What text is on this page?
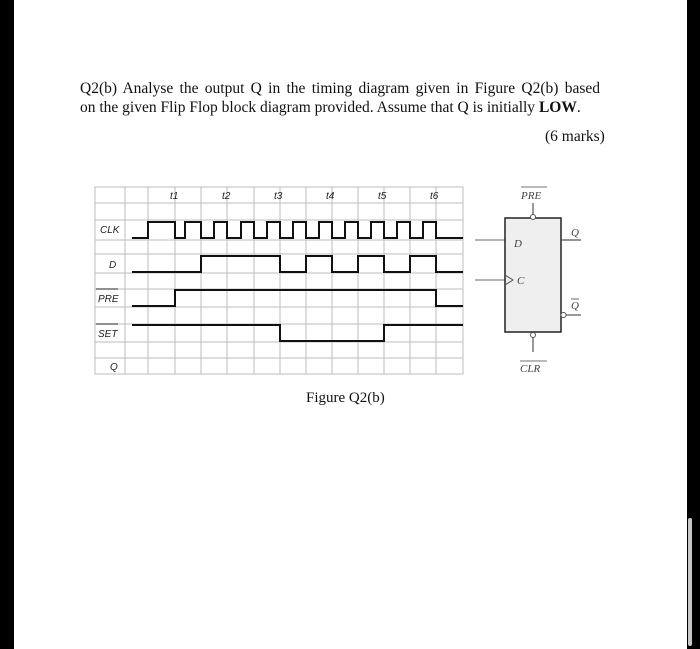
Q2(b) Analyse the output Q in the timing diagram given in Figure Q2(b) based
on the given Flip Flop block diagram provided. Assume that Q is initially LOW.
(6 marks)
t1	t2	t3	t4	t5	t6
CLK
D
PRE
SET
Q
PRE
D
C
Q
Q
CLR
Figure Q2(b)
